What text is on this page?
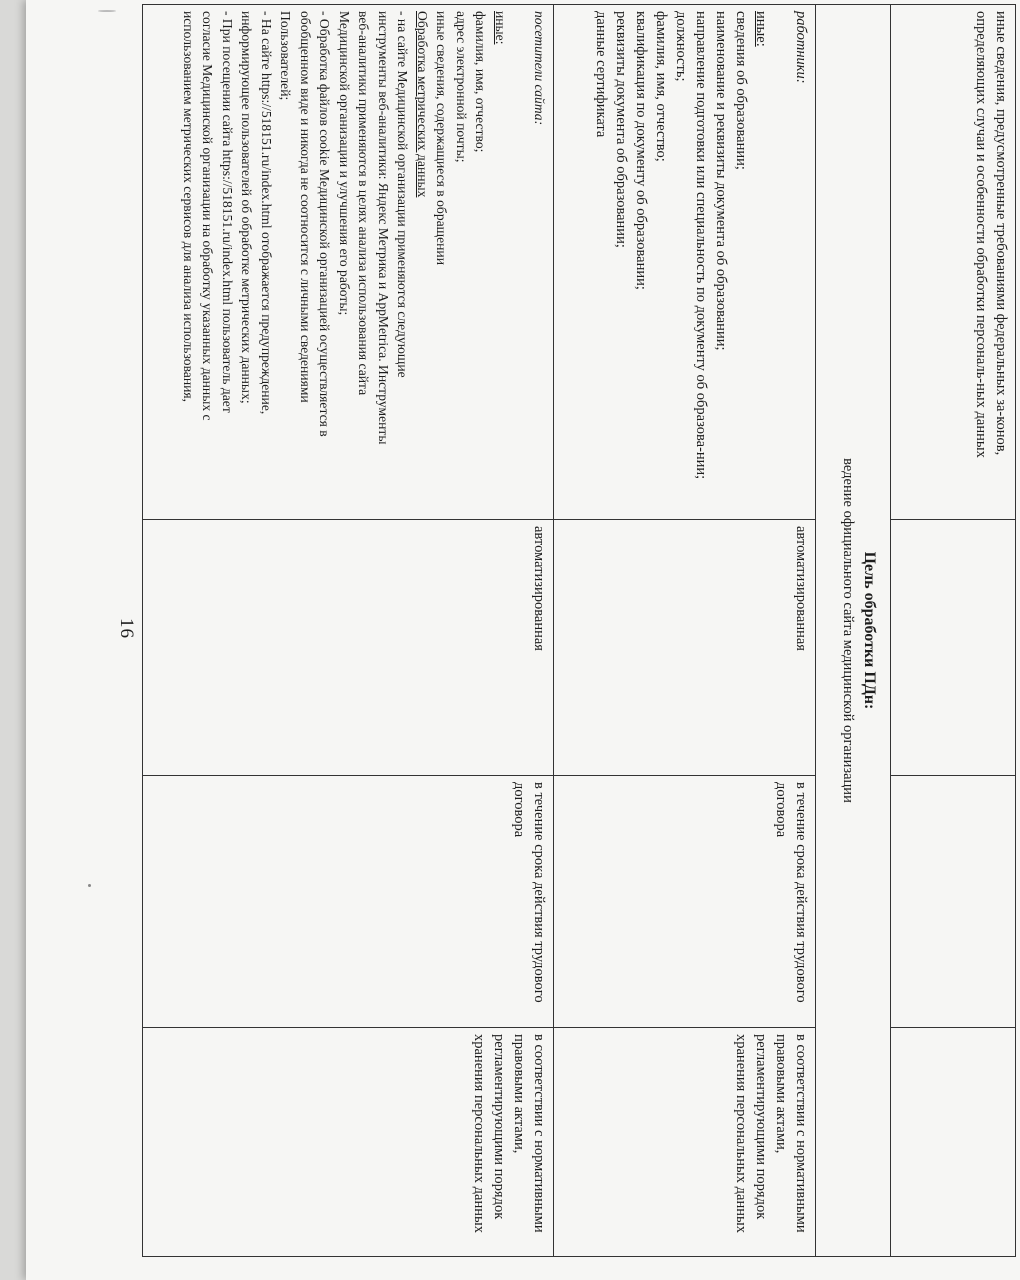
16

иные сведения, предусмотренные требованиями федеральных за-конов, определяющих случаи и особенности обработки персональ-ных данных

Цель обработки ПДн:
ведение официального сайта медицинской организации

работники:

иные:

сведения об образовании;

наименование и реквизиты документа об образовании;

направление подготовки или специальность по документу об образова-нии;

должность;

фамилия, имя, отчество;

квалификация по документу об образовании;

реквизиты документа об образовании;

данные сертификата

автоматизированная

в течение срока действия трудового договора

в соответствии с нормативными правовыми актами, регламентирующими порядок хранения персональных данных

посетители сайта:

иные:

фамилия, имя, отчество;

адрес электронной почты;

иные сведения, содержащиеся в обращении

Обработка метрических данных

- на сайте Медицинской организации применяются следующие

инструменты веб-аналитики: Яндекс Метрика и AppMetrica. Инструменты

веб-аналитики применяются в целях анализа использования сайта

Медицинской организации и улучшения его работы;

- Обработка файлов cookie Медицинской организацией осуществляется в

обобщенном виде и никогда не соотносится с личными сведениями

Пользователей;

- На сайте https://518151.ru/index.html отображается предупреждение,

информирующее пользователей об обработке метрических данных;

- При посещении сайта https://518151.ru/index.html пользователь дает

согласие Медицинской организации на обработку указанных данных с

использованием метрических сервисов для анализа использования,

автоматизированная

в течение срока действия трудового договора

в соответствии с нормативными правовыми актами, регламентирующими порядок хранения персональных данных
